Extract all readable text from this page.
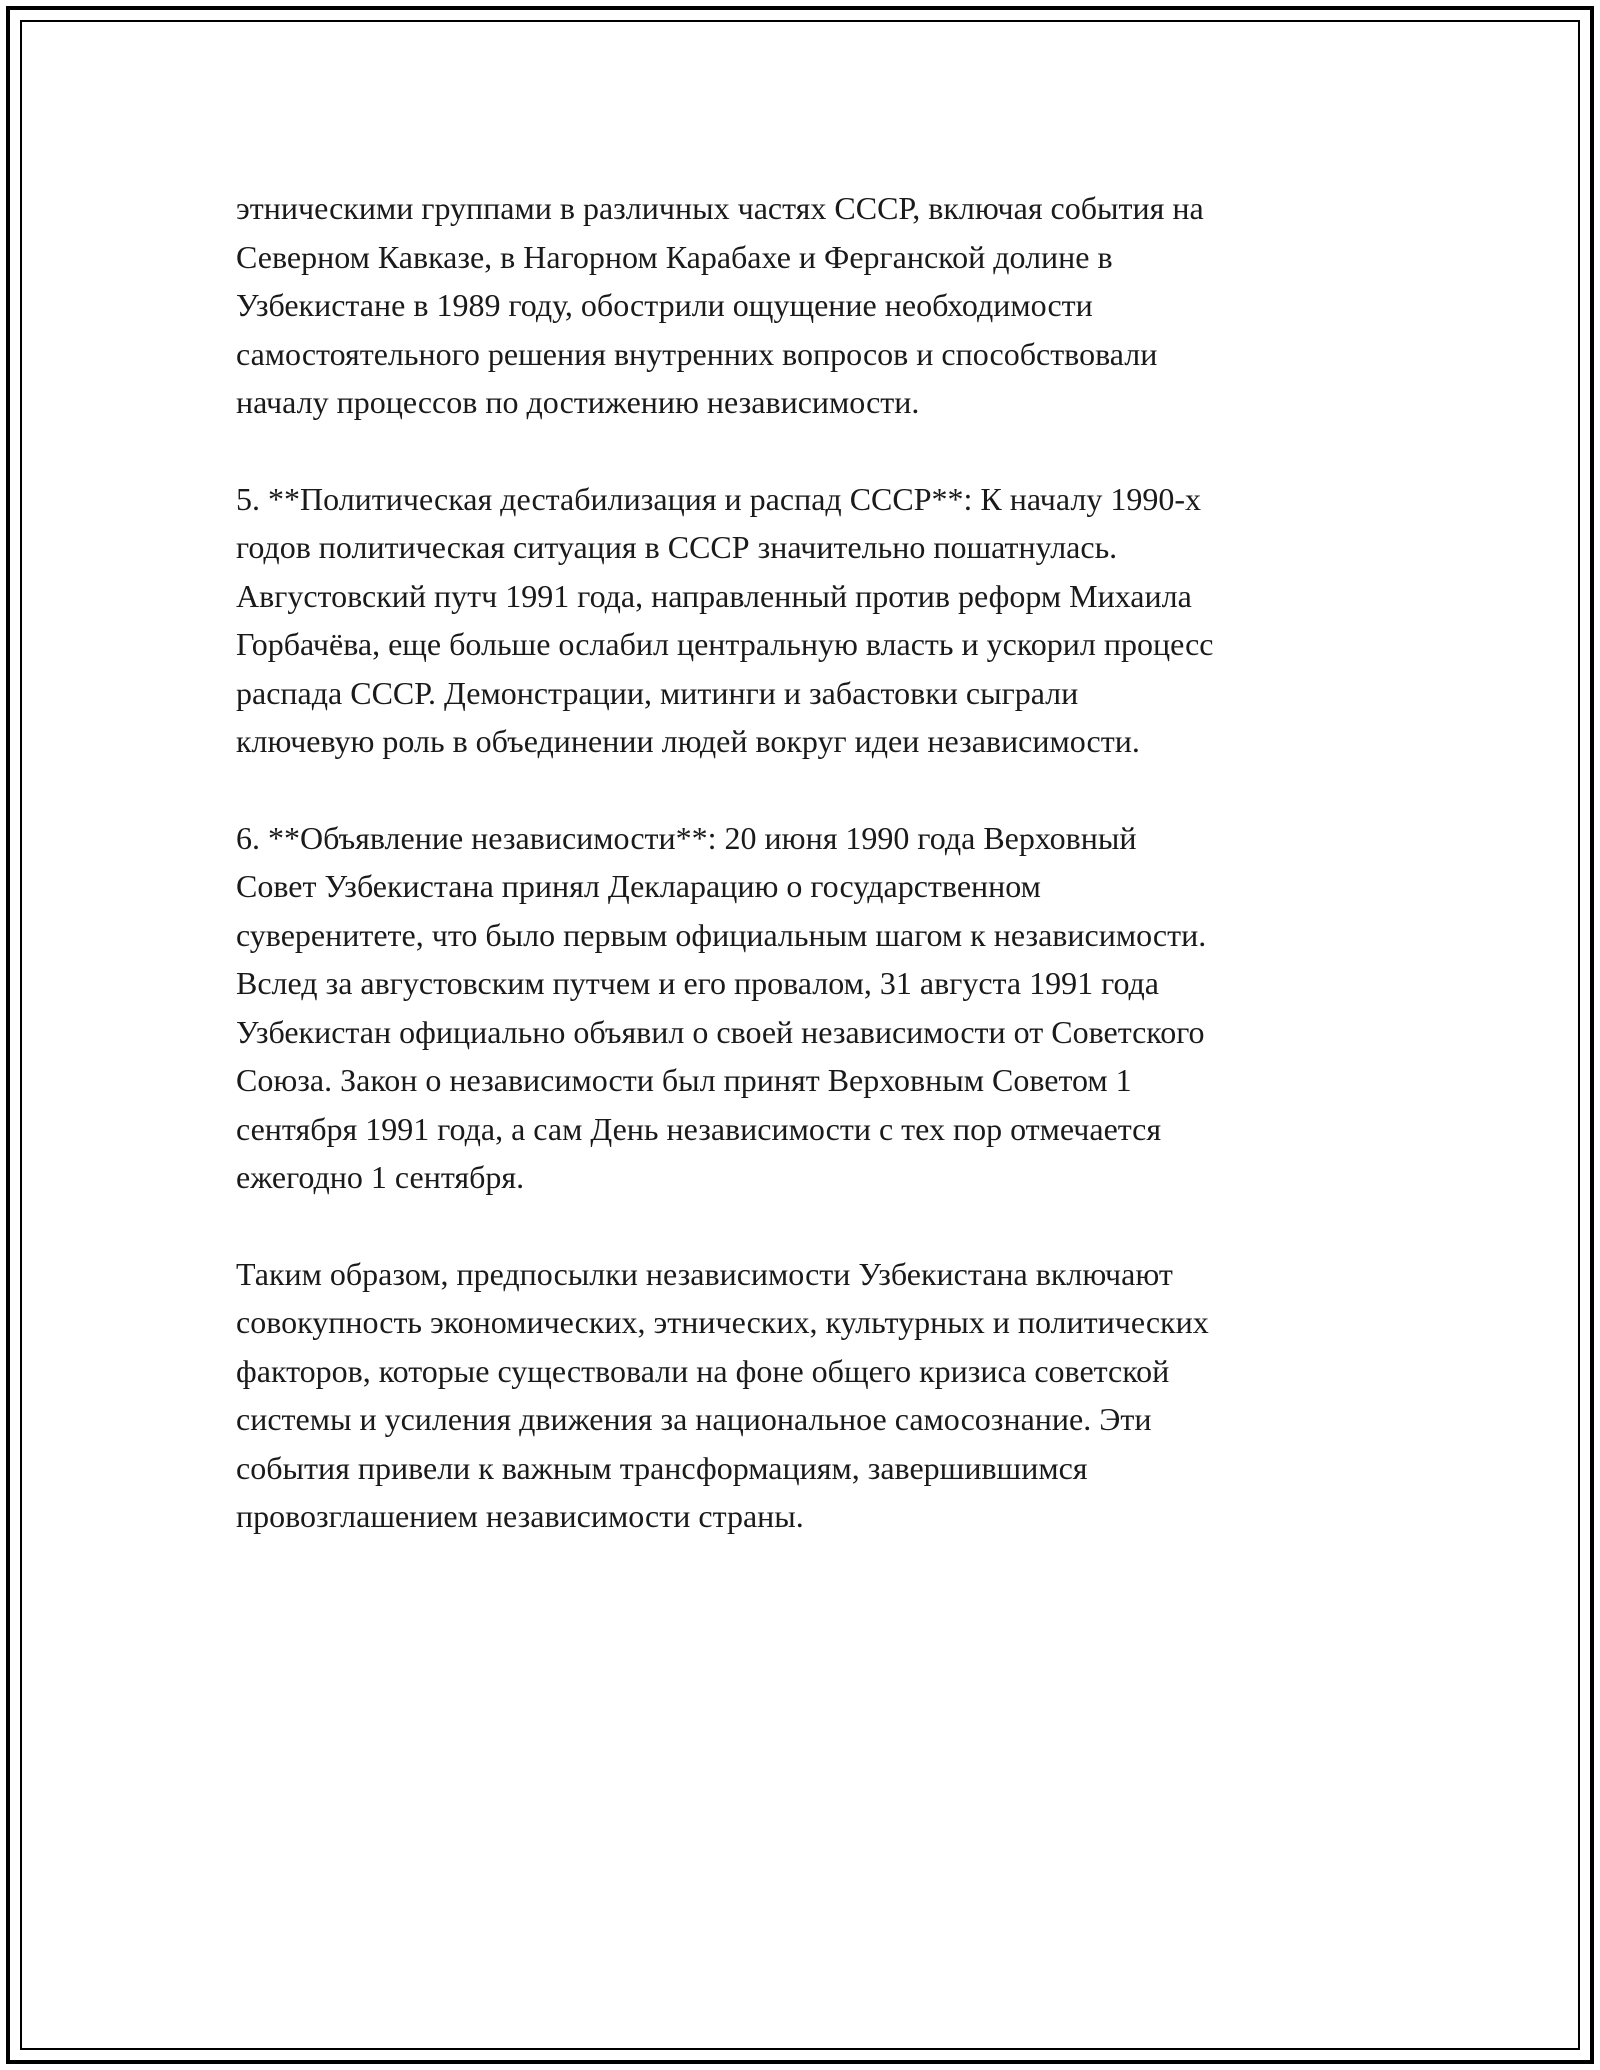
этническими группами в различных частях СССР, включая события на
Северном Кавказе, в Нагорном Карабахе и Ферганской долине в
Узбекистане в 1989 году, обострили ощущение необходимости
самостоятельного решения внутренних вопросов и способствовали
началу процессов по достижению независимости.

5. **Политическая дестабилизация и распад СССР**: К началу 1990-х
годов политическая ситуация в СССР значительно пошатнулась.
Августовский путч 1991 года, направленный против реформ Михаила
Горбачёва, еще больше ослабил центральную власть и ускорил процесс
распада СССР. Демонстрации, митинги и забастовки сыграли
ключевую роль в объединении людей вокруг идеи независимости.

6. **Объявление независимости**: 20 июня 1990 года Верховный
Совет Узбекистана принял Декларацию о государственном
суверенитете, что было первым официальным шагом к независимости.
Вслед за августовским путчем и его провалом, 31 августа 1991 года
Узбекистан официально объявил о своей независимости от Советского
Союза. Закон о независимости был принят Верховным Советом 1
сентября 1991 года, а сам День независимости с тех пор отмечается
ежегодно 1 сентября.

Таким образом, предпосылки независимости Узбекистана включают
совокупность экономических, этнических, культурных и политических
факторов, которые существовали на фоне общего кризиса советской
системы и усиления движения за национальное самосознание. Эти
события привели к важным трансформациям, завершившимся
провозглашением независимости страны.
